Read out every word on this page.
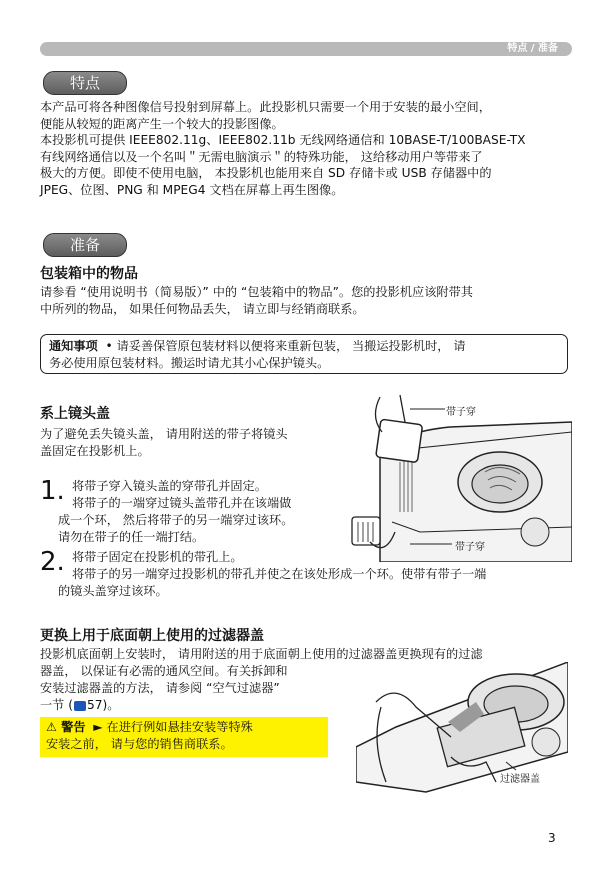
特点 / 准备
特点

本产品可将各种图像信号投射到屏幕上。此投影机只需要一个用于安装的最小空间，

便能从较短的距离产生一个较大的投影图像。

本投影机可提供 IEEE802.11g、IEEE802.11b 无线网络通信和 10BASE-T/100BASE-TX

有线网络通信以及一个名叫＂无需电脑演示＂的特殊功能， 这给移动用户等带来了

极大的方便。即使不使用电脑， 本投影机也能用来自 SD 存储卡或 USB 存储器中的

JPEG、位图、PNG 和 MPEG4 文档在屏幕上再生图像。

准备
包装箱中的物品

请参看 “使用说明书（简易版）” 中的 “包装箱中的物品”。您的投影机应该附带其

中所列的物品， 如果任何物品丢失， 请立即与经销商联系。

通知事项 • 请妥善保管原包装材料以便将来重新包装， 当搬运投影机时， 请
务必使用原包装材料。搬运时请尤其小心保护镜头。
系上镜头盖

为了避免丢失镜头盖， 请用附送的带子将镜头

盖固定在投影机上。

1. 将带子穿入镜头盖的穿带孔并固定。
将带子的一端穿过镜头盖带孔并在该端做
成一个环， 然后将带子的另一端穿过该环。
请勿在带子的任一端打结。
2. 将带子固定在投影机的带孔上。
将带子的另一端穿过投影机的带孔并使之在该处形成一个环。使带有带子一端
的镜头盖穿过该环。
带子穿
带子穿
更换上用于底面朝上使用的过滤器盖
投影机底面朝上安装时， 请用附送的用于底面朝上使用的过滤器盖更换现有的过滤
器盖， 以保证有必需的通风空间。有关拆卸和
安装过滤器盖的方法， 请参阅 “空气过滤器”
一节 ( 57)。
⚠ 警告 ► 在进行例如悬挂安装等特殊
安装之前， 请与您的销售商联系。
过滤器盖
3
